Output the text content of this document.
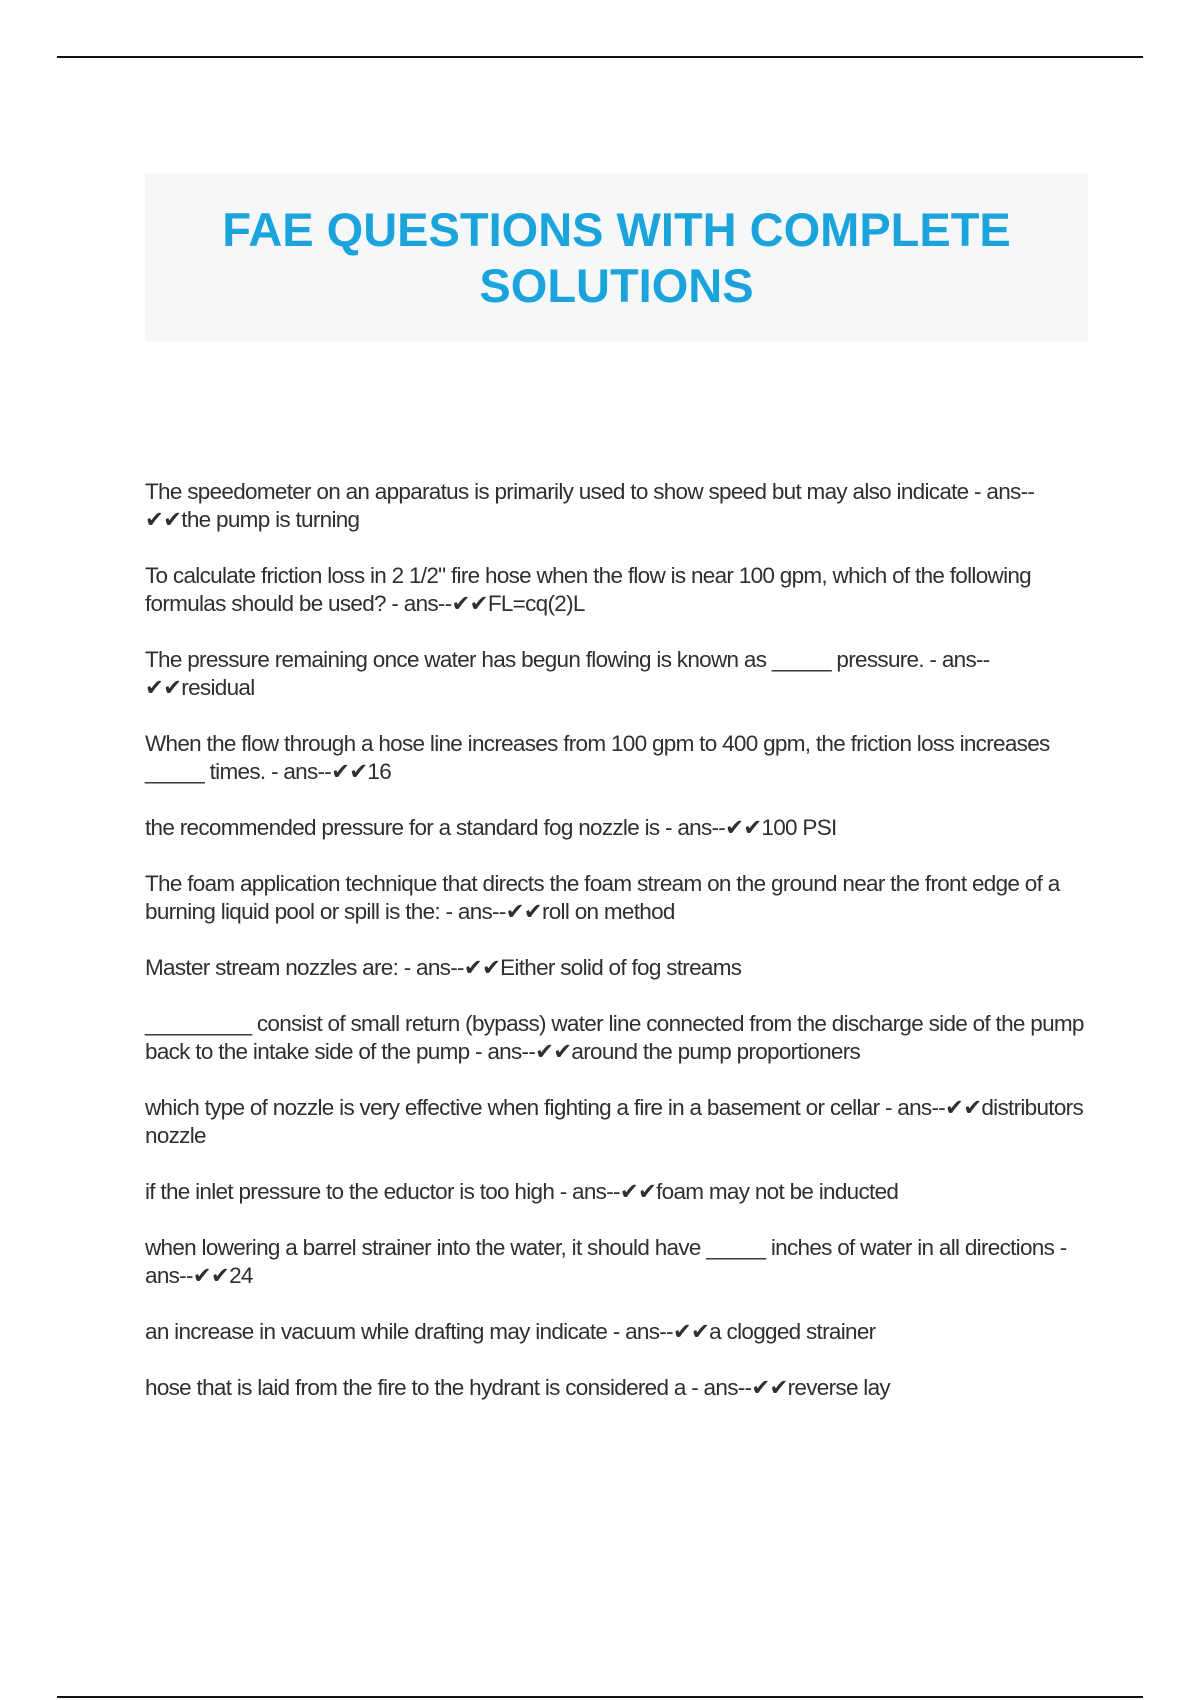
FAE QUESTIONS WITH COMPLETE SOLUTIONS

The speedometer on an apparatus is primarily used to show speed but may also indicate - ans--✔✔the pump is turning

To calculate friction loss in 2 1/2" fire hose when the flow is near 100 gpm, which of the following formulas should be used? - ans--✔✔FL=cq(2)L

The pressure remaining once water has begun flowing is known as _____ pressure. - ans--✔✔residual

When the flow through a hose line increases from 100 gpm to 400 gpm, the friction loss increases _____ times. - ans--✔✔16

the recommended pressure for a standard fog nozzle is - ans--✔✔100 PSI

The foam application technique that directs the foam stream on the ground near the front edge of a burning liquid pool or spill is the: - ans--✔✔roll on method

Master stream nozzles are: - ans--✔✔Either solid of fog streams

_________ consist of small return (bypass) water line connected from the discharge side of the pump back to the intake side of the pump - ans--✔✔around the pump proportioners

which type of nozzle is very effective when fighting a fire in a basement or cellar - ans--✔✔distributors nozzle

if the inlet pressure to the eductor is too high - ans--✔✔foam may not be inducted

when lowering a barrel strainer into the water, it should have _____ inches of water in all directions - ans--✔✔24

an increase in vacuum while drafting may indicate - ans--✔✔a clogged strainer

hose that is laid from the fire to the hydrant is considered a - ans--✔✔reverse lay
